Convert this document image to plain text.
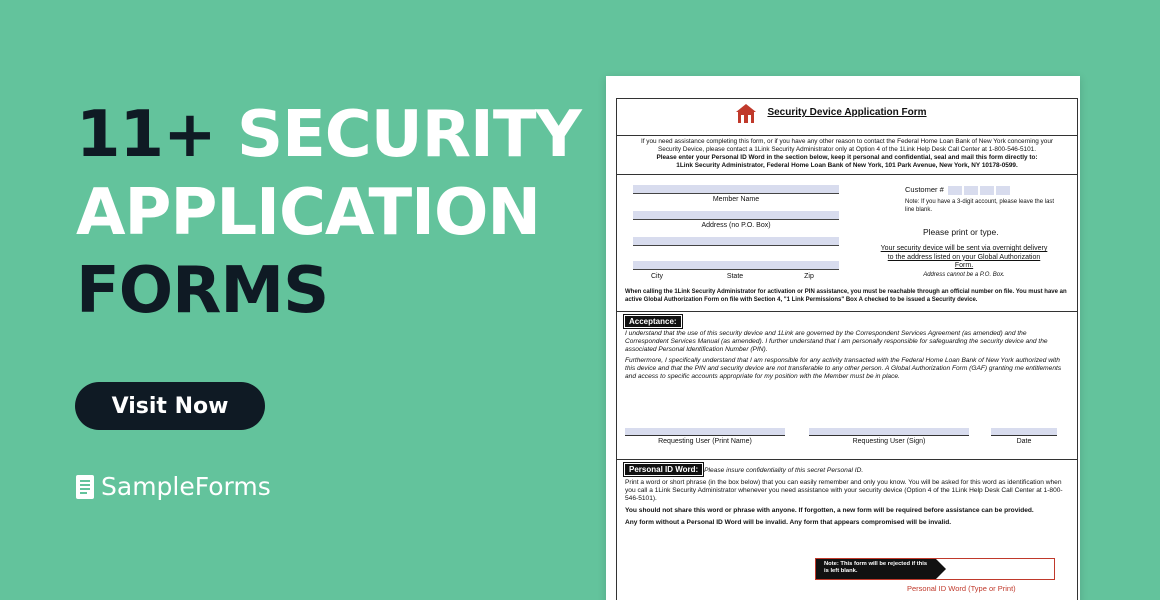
11+ SECURITY
APPLICATION
FORMS
Visit Now
SampleForms
Security Device Application Form
If you need assistance completing this form, or if you have any other reason to contact the Federal Home Loan Bank of New York concerning your Security Device, please contact a 1Link Security Administrator only at Option 4 of the 1Link Help Desk Call Center at 1-800-546-5101.
Please enter your Personal ID Word in the section below, keep it personal and confidential, seal and mail this form directly to:
1Link Security Administrator, Federal Home Loan Bank of New York, 101 Park Avenue, New York, NY 10178-0599.
Member Name
Address (no P.O. Box)
City	State	Zip
Customer #
Note: If you have a 3-digit account, please leave the last line blank.
Please print or type.
Your security device will be sent via overnight delivery to the address listed on your Global Authorization Form.
Address cannot be a P.O. Box.
When calling the 1Link Security Administrator for activation or PIN assistance, you must be reachable through an official number on file. You must have an active Global Authorization Form on file with Section 4, "1 Link Permissions" Box A checked to be issued a Security device.
Acceptance:

I understand that the use of this security device and 1Link are governed by the Correspondent Services Agreement (as amended) and the Correspondent Services Manual (as amended). I further understand that I am personally responsible for safeguarding the security device and the associated Personal Identification Number (PIN).

Furthermore, I specifically understand that I am responsible for any activity transacted with the Federal Home Loan Bank of New York authorized with this device and that the PIN and security device are not transferable to any other person. A Global Authorization Form (GAF) granting me entitlements and access to specific accounts appropriate for my position with the Member must be in place.

Requesting User (Print Name)	Requesting User (Sign)	Date
Personal ID Word: Please insure confidentiality of this secret Personal ID.

Print a word or short phrase (in the box below) that you can easily remember and only you know. You will be asked for this word as identification when you call a 1Link Security Administrator whenever you need assistance with your security device (Option 4 of the 1Link Help Desk Call Center at 1-800-546-5101).

You should not share this word or phrase with anyone. If forgotten, a new form will be required before assistance can be provided.

Any form without a Personal ID Word will be invalid. Any form that appears compromised will be invalid.

Note: This form will be rejected if this is left blank.
Personal ID Word (Type or Print)
